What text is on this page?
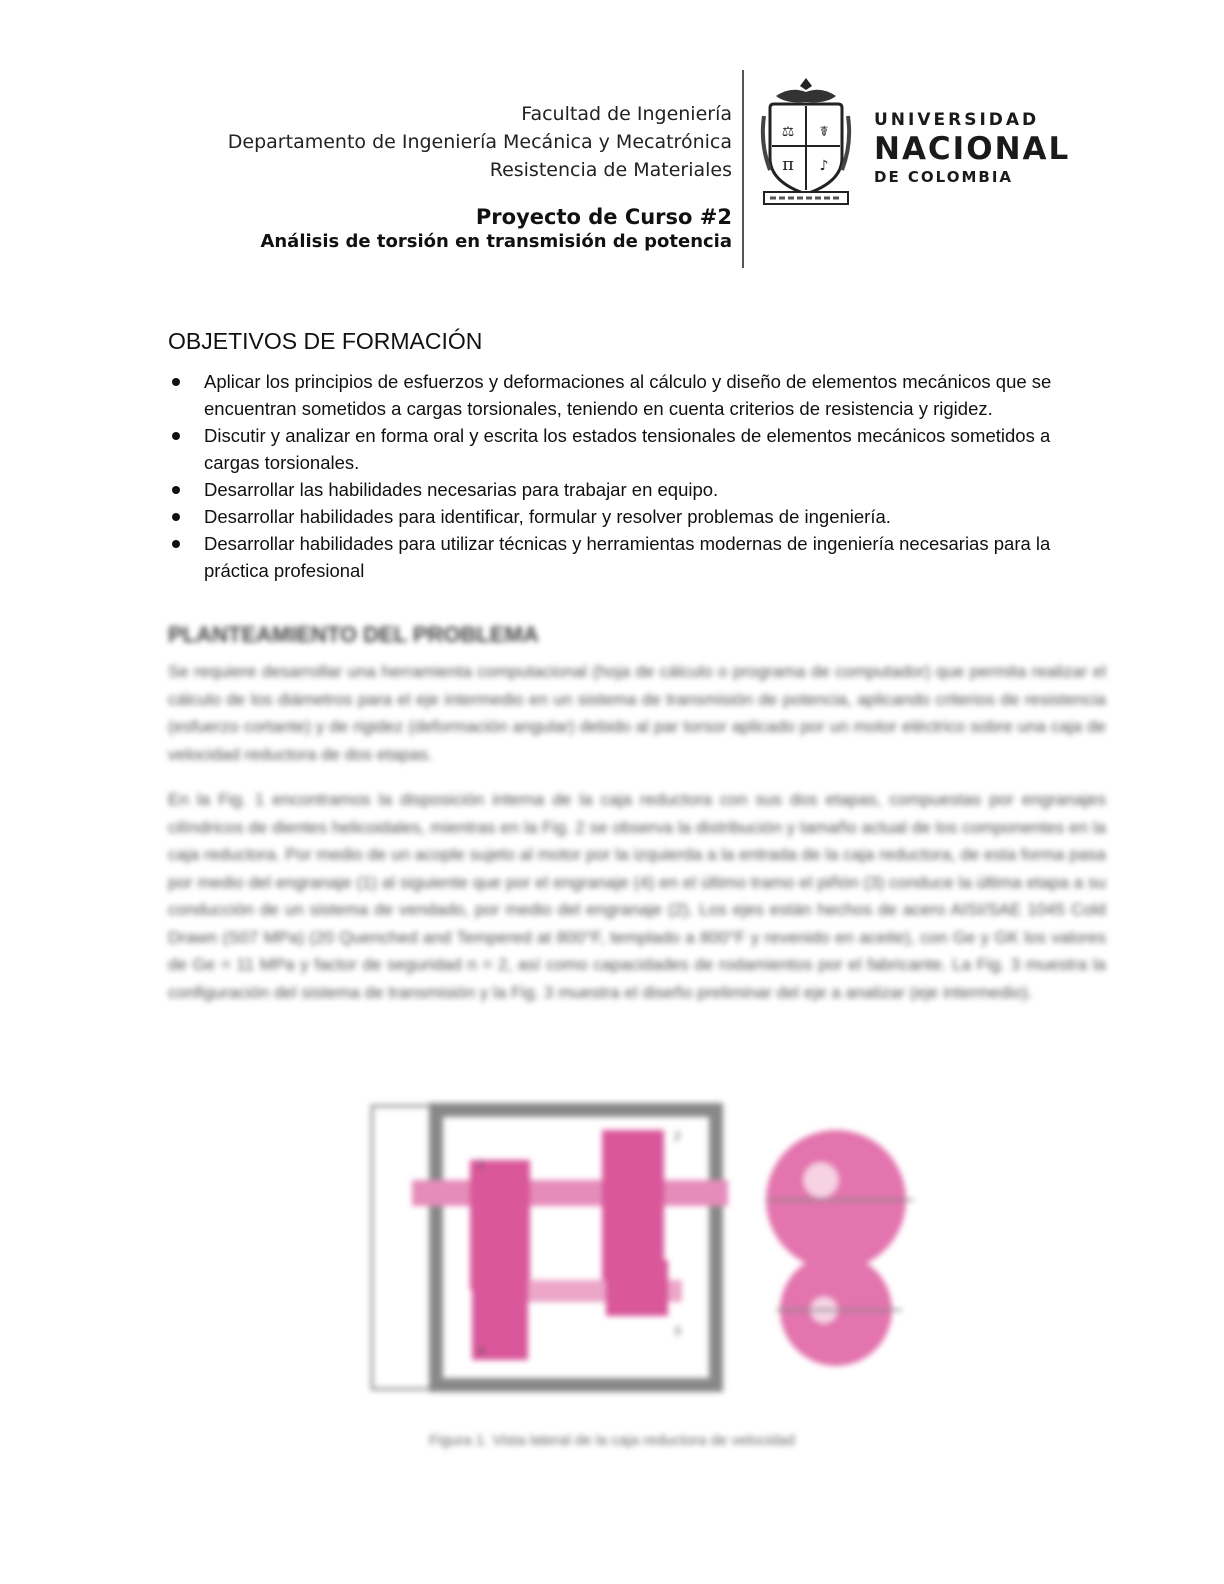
Facultad de Ingeniería
Departamento de Ingeniería Mecánica y Mecatrónica
Resistencia de Materiales
Proyecto de Curso #2
Análisis de torsión en transmisión de potencia
⚖ ☤
π ♪
UNIVERSIDAD
NACIONAL
DE COLOMBIA
OBJETIVOS DE FORMACIÓN
Aplicar los principios de esfuerzos y deformaciones al cálculo y diseño de elementos mecánicos que se encuentran sometidos a cargas torsionales, teniendo en cuenta criterios de resistencia y rigidez.
Discutir y analizar en forma oral y escrita los estados tensionales de elementos mecánicos sometidos a cargas torsionales.
Desarrollar las habilidades necesarias para trabajar en equipo.
Desarrollar habilidades para identificar, formular y resolver problemas de ingeniería.
Desarrollar habilidades para utilizar técnicas y herramientas modernas de ingeniería necesarias para la práctica profesional
PLANTEAMIENTO DEL PROBLEMA
Se requiere desarrollar una herramienta computacional (hoja de cálculo o programa de computador) que permita realizar el cálculo de los diámetros para el eje intermedio en un sistema de transmisión de potencia, aplicando criterios de resistencia (esfuerzo cortante) y de rigidez (deformación angular) debido al par torsor aplicado por un motor eléctrico sobre una caja de velocidad reductora de dos etapas.
En la Fig. 1 encontramos la disposición interna de la caja reductora con sus dos etapas, compuestas por engranajes cilíndricos de dientes helicoidales, mientras en la Fig. 2 se observa la distribución y tamaño actual de los componentes en la caja reductora. Por medio de un acople sujeto al motor por la izquierda a la entrada de la caja reductora, de esta forma pasa por medio del engranaje (1) al siguiente que por el engranaje (4) en el último tramo el piñón (3) conduce la última etapa a su conducción de un sistema de vendado, por medio del engranaje (2). Los ejes están hechos de acero AISI/SAE 1045 Cold Drawn (S07 MPa) (20 Quenched and Tempered at 800°F, templado a 800°F y revenido en aceite), con Ge y GK los valores de Ge = 11 MPa y factor de seguridad n = 2, así como capacidades de rodamientos por el fabricante. La Fig. 3 muestra la configuración del sistema de transmisión y la Fig. 3 muestra el diseño preliminar del eje a analizar (eje intermedio).
1
2
3
4
Figura 1. Vista lateral de la caja reductora de velocidad
